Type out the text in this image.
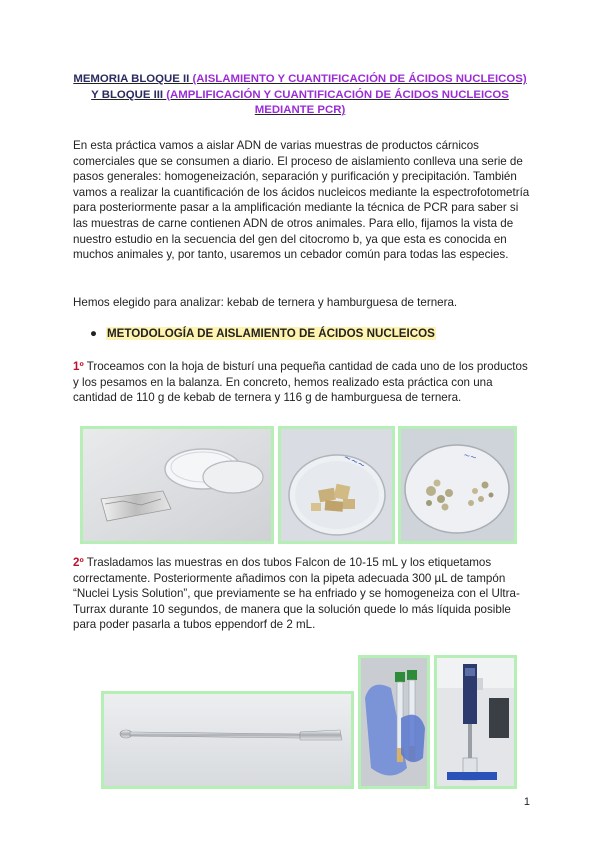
MEMORIA BLOQUE II (AISLAMIENTO Y CUANTIFICACIÓN DE ÁCIDOS NUCLEICOS) Y BLOQUE III (AMPLIFICACIÓN Y CUANTIFICACIÓN DE ÁCIDOS NUCLEICOS MEDIANTE PCR)
En esta práctica vamos a aislar ADN de varias muestras de productos cárnicos comerciales que se consumen a diario. El proceso de aislamiento conlleva una serie de pasos generales: homogeneización, separación y purificación y precipitación. También vamos a realizar la cuantificación de los ácidos nucleicos mediante la espectrofotometría para posteriormente pasar a la amplificación mediante la técnica de PCR para saber si las muestras de carne contienen ADN de otros animales. Para ello, fijamos la vista de nuestro estudio en la secuencia del gen del citocromo b, ya que esta es conocida en muchos animales y, por tanto, usaremos un cebador común para todas las especies.
Hemos elegido para analizar: kebab de ternera y hamburguesa de ternera.
● METODOLOGÍA DE AISLAMIENTO DE ÁCIDOS NUCLEICOS
1º Troceamos con la hoja de bisturí una pequeña cantidad de cada uno de los productos y los pesamos en la balanza. En concreto, hemos realizado esta práctica con una cantidad de 110 g de kebab de ternera y 116 g de hamburguesa de ternera.
~~~	~~
2º Trasladamos las muestras en dos tubos Falcon de 10-15 mL y los etiquetamos correctamente. Posteriormente añadimos con la pipeta adecuada 300 µL de tampón “Nuclei Lysis Solution”, que previamente se ha enfriado y se homogeneiza con el Ultra-Turrax durante 10 segundos, de manera que la solución quede lo más líquida posible para poder pasarla a tubos eppendorf de 2 mL.
1
